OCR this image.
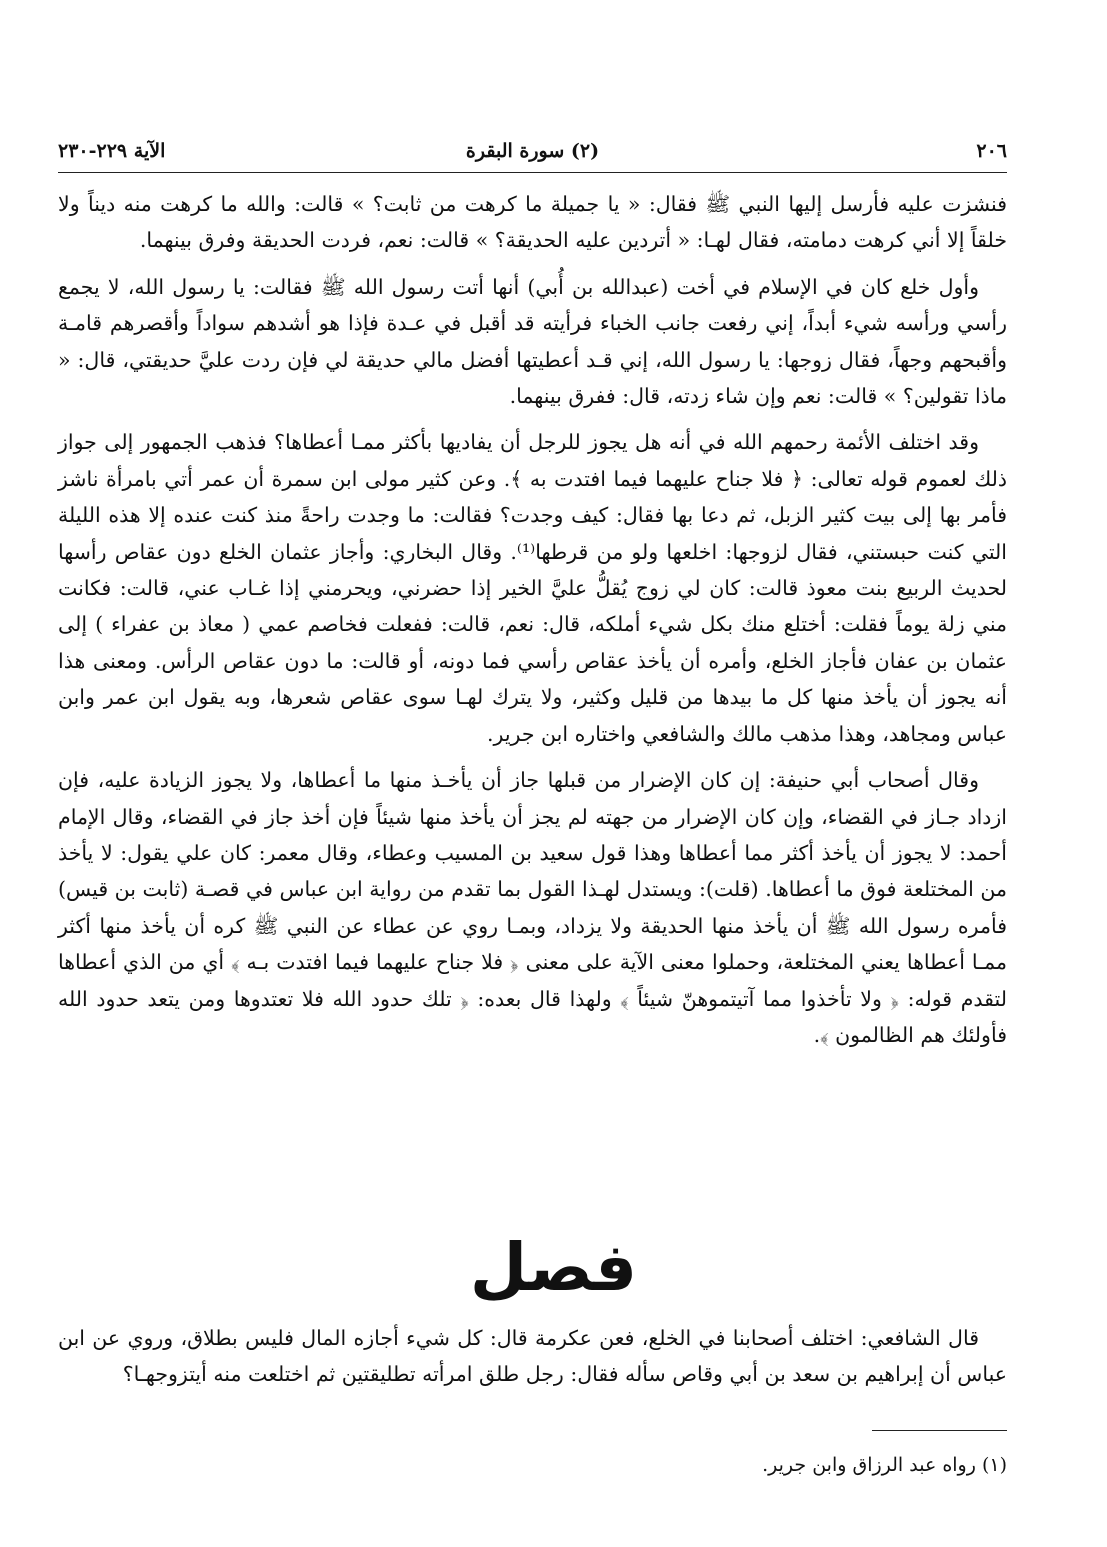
٢٠٦
(٢) سورة البقرة
الآية ٢٢٩-٢٣٠

فنشزت عليه فأرسل إليها النبي ﷺ فقال: « يا جميلة ما كرهت من ثابت؟ » قالت: والله ما كرهت منه ديناً ولا خلقاً إلا أني كرهت دمامته، فقال لهـا: « أتردين عليه الحديقة؟ » قالت: نعم، فردت الحديقة وفرق بينهما.

وأول خلع كان في الإسلام في أخت (عبدالله بن أُبي) أنها أتت رسول الله ﷺ فقالت: يا رسول الله، لا يجمع رأسي ورأسه شيء أبداً، إني رفعت جانب الخباء فرأيته قد أقبل في عـدة فإذا هو أشدهم سواداً وأقصرهم قامـة وأقبحهم وجهاً، فقال زوجها: يا رسول الله، إني قـد أعطيتها أفضل مالي حديقة لي فإن ردت عليَّ حديقتي، قال: « ماذا تقولين؟ » قالت: نعم وإن شاء زدته، قال: ففرق بينهما.

وقد اختلف الأئمة رحمهم الله في أنه هل يجوز للرجل أن يفاديها بأكثر ممـا أعطاها؟ فذهب الجمهور إلى جواز ذلك لعموم قوله تعالى: ﴿ فلا جناح عليهما فيما افتدت به ﴾. وعن كثير مولى ابن سمرة أن عمر أتي بامرأة ناشز فأمر بها إلى بيت كثير الزبل، ثم دعا بها فقال: كيف وجدت؟ فقالت: ما وجدت راحةً منذ كنت عنده إلا هذه الليلة التي كنت حبستني، فقال لزوجها: اخلعها ولو من قرطها⁽¹⁾. وقال البخاري: وأجاز عثمان الخلع دون عقاص رأسها لحديث الربيع بنت معوذ قالت: كان لي زوج يُقلُّ عليَّ الخير إذا حضرني، ويحرمني إذا غـاب عني، قالت: فكانت مني زلة يوماً فقلت: أختلع منك بكل شيء أملكه، قال: نعم، قالت: ففعلت فخاصم عمي ( معاذ بن عفراء ) إلى عثمان بن عفان فأجاز الخلع، وأمره أن يأخذ عقاص رأسي فما دونه، أو قالت: ما دون عقاص الرأس. ومعنى هذا أنه يجوز أن يأخذ منها كل ما بيدها من قليل وكثير، ولا يترك لهـا سوى عقاص شعرها، وبه يقول ابن عمر وابن عباس ومجاهد، وهذا مذهب مالك والشافعي واختاره ابن جرير.

وقال أصحاب أبي حنيفة: إن كان الإضرار من قبلها جاز أن يأخـذ منها ما أعطاها، ولا يجوز الزيادة عليه، فإن ازداد جـاز في القضاء، وإن كان الإضرار من جهته لم يجز أن يأخذ منها شيئاً فإن أخذ جاز في القضاء، وقال الإمام أحمد: لا يجوز أن يأخذ أكثر مما أعطاها وهذا قول سعيد بن المسيب وعطاء، وقال معمر: كان علي يقول: لا يأخذ من المختلعة فوق ما أعطاها. (قلت): ويستدل لهـذا القول بما تقدم من رواية ابن عباس في قصـة (ثابت بن قيس) فأمره رسول الله ﷺ أن يأخذ منها الحديقة ولا يزداد، وبمـا روي عن عطاء عن النبي ﷺ كره أن يأخذ منها أكثر ممـا أعطاها يعني المختلعة، وحملوا معنى الآية على معنى ﴿ فلا جناح عليهما فيما افتدت بـه ﴾ أي من الذي أعطاها لتقدم قوله: ﴿ ولا تأخذوا مما آتيتموهنّ شيئاً ﴾ ولهذا قال بعده: ﴿ تلك حدود الله فلا تعتدوها ومن يتعد حدود الله فأولئك هم الظالمون ﴾.

فصل

قال الشافعي: اختلف أصحابنا في الخلع، فعن عكرمة قال: كل شيء أجازه المال فليس بطلاق، وروي عن ابن عباس أن إبراهيم بن سعد بن أبي وقاص سأله فقال: رجل طلق امرأته تطليقتين ثم اختلعت منه أيتزوجهـا؟

(١) رواه عبد الرزاق وابن جرير.
